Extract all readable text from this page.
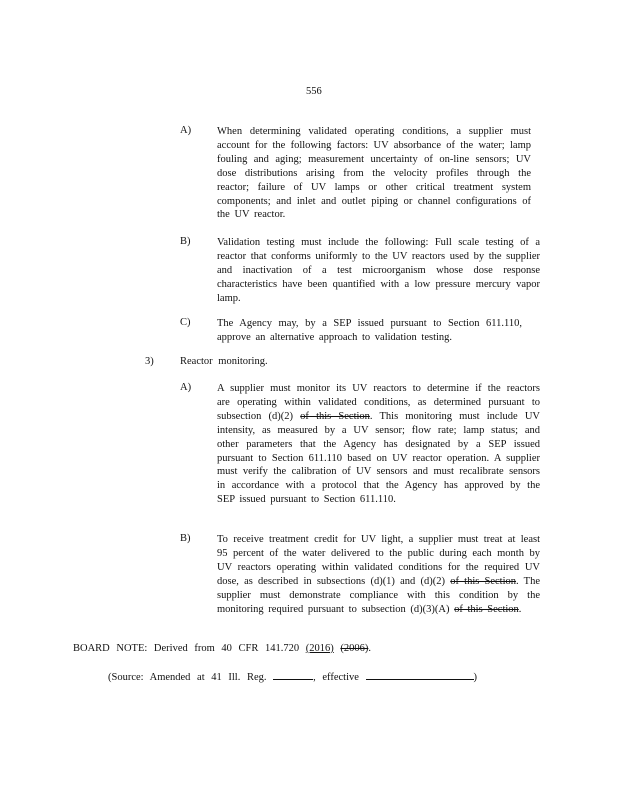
556
A) When determining validated operating conditions, a supplier must account for the following factors: UV absorbance of the water; lamp fouling and aging; measurement uncertainty of on-line sensors; UV dose distributions arising from the velocity profiles through the reactor; failure of UV lamps or other critical treatment system components; and inlet and outlet piping or channel configurations of the UV reactor.

B)	Validation testing must include the following: Full scale testing of a reactor that conforms uniformly to the UV reactors used by the supplier and inactivation of a test microorganism whose dose response characteristics have been quantified with a low pressure mercury vapor lamp.

C)	The Agency may, by a SEP issued pursuant to Section 611.110, approve an alternative approach to validation testing.

3)	Reactor monitoring.
A) A supplier must monitor its UV reactors to determine if the reactors are operating within validated conditions, as determined pursuant to subsection (d)(2) of this Section. This monitoring must include UV intensity, as measured by a UV sensor; flow rate; lamp status; and other parameters that the Agency has designated by a SEP issued pursuant to Section 611.110 based on UV reactor operation. A supplier must verify the calibration of UV sensors and must recalibrate sensors in accordance with a protocol that the Agency has approved by the SEP issued pursuant to Section 611.110.

B)	To receive treatment credit for UV light, a supplier must treat at least 95 percent of the water delivered to the public during each month by UV reactors operating within validated conditions for the required UV dose, as described in subsections (d)(1) and (d)(2) of this Section. The supplier must demonstrate compliance with this condition by the monitoring required pursuant to subsection (d)(3)(A) of this Section.

BOARD NOTE: Derived from 40 CFR 141.720 (2016) (2006).
(Source: Amended at 41 Ill. Reg.	, effective	)
